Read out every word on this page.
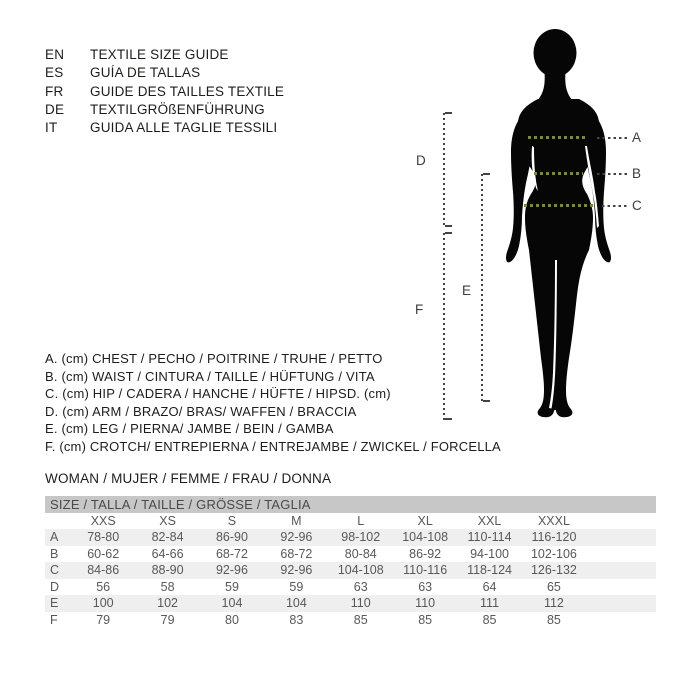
EN	TEXTILE SIZE GUIDE
ES	GUÍA DE TALLAS
FR	GUIDE DES TAILLES TEXTILE
DE	TEXTILGRÖßENFÜHRUNG
IT	GUIDA ALLE TAGLIE TESSILI
D
F
E
A
B
C
A. (cm) CHEST / PECHO / POITRINE / TRUHE / PETTO
B. (cm) WAIST / CINTURA / TAILLE / HÜFTUNG / VITA
C. (cm) HIP / CADERA / HANCHE / HÜFTE / HIPSD. (cm)
D. (cm) ARM / BRAZO/ BRAS/ WAFFEN / BRACCIA
E. (cm) LEG / PIERNA/ JAMBE / BEIN / GAMBA
F. (cm) CROTCH/ ENTREPIERNA / ENTREJAMBE / ZWICKEL / FORCELLA
WOMAN / MUJER / FEMME / FRAU / DONNA
SIZE / TALLA / TAILLE / GRÖSSE / TAGLIA
XXS	XS	S	M	L	XL	XXL	XXXL
A	78-80	82-84	86-90	92-96	98-102	104-108	110-114	116-120
B	60-62	64-66	68-72	68-72	80-84	86-92	94-100	102-106
C	84-86	88-90	92-96	92-96	104-108	110-116	118-124	126-132
D	56	58	59	59	63	63	64	65
E	100	102	104	104	110	110	111	112
F	79	79	80	83	85	85	85	85
